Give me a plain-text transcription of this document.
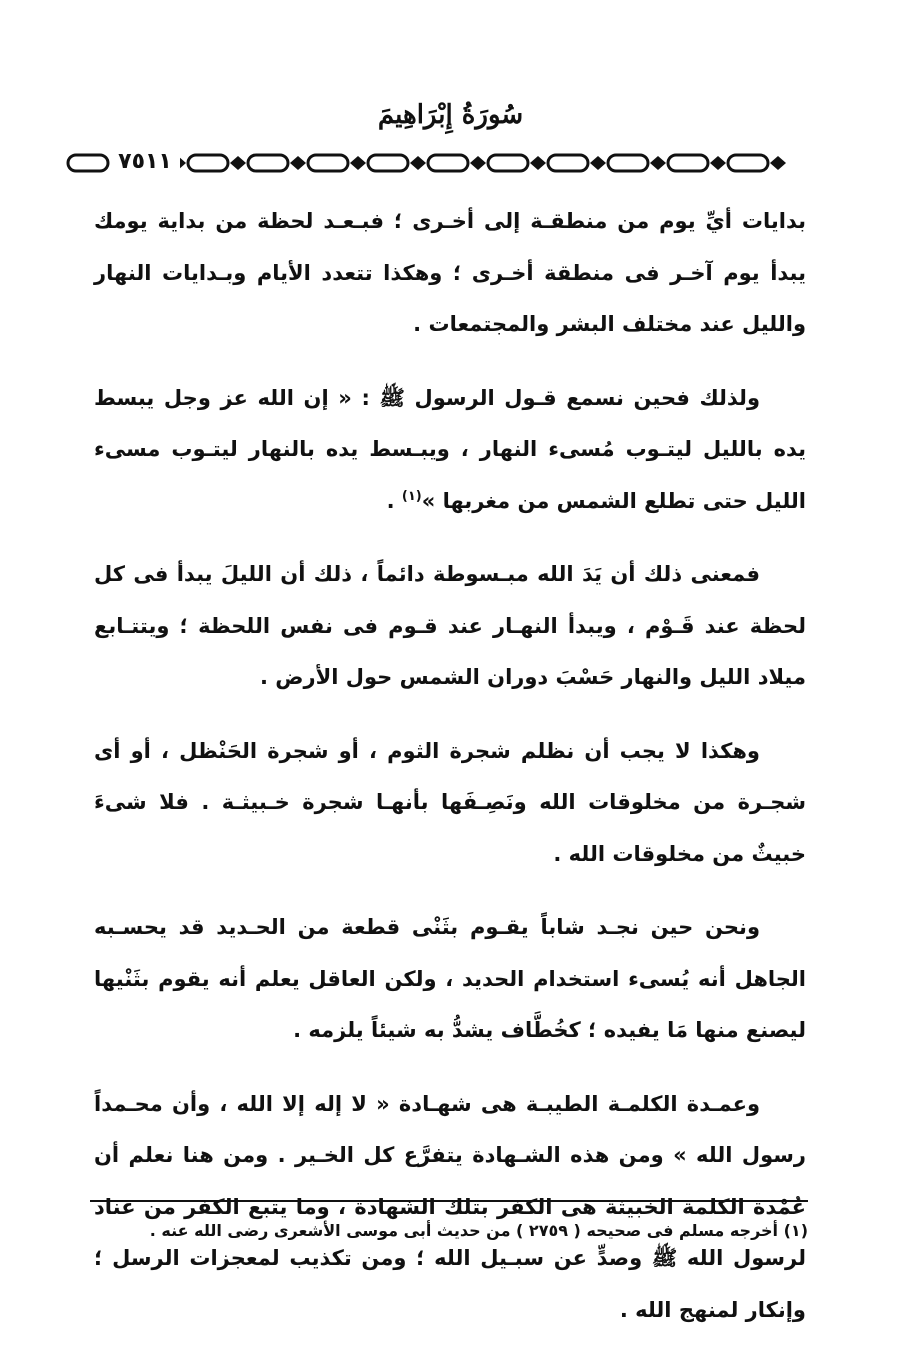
سُورَةُ إِبْرَاهِيمَ
٧٥١١

بدايات أيِّ يوم من منطقـة إلى أخـرى ؛ فبـعـد لحظة من بداية يومك يبدأ يوم آخـر فى منطقة أخـرى ؛ وهكذا تتعدد الأيام وبـدايات النهار والليل عند مختلف البشر والمجتمعات .

ولذلك فحين نسمع قـول الرسول ﷺ : « إن الله عز وجل يبسط يده بالليل ليتـوب مُسىء النهار ، ويبـسط يده بالنهار ليتـوب مسىء الليل حتى تطلع الشمس من مغربها »$^{(١)}$ .

فمعنى ذلك أن يَدَ الله مبـسوطة دائماً ، ذلك أن الليلَ يبدأ فى كل لحظة عند قَـوْم ، ويبدأ النهـار عند قـوم فى نفس اللحظة ؛ ويتتـابع ميلاد الليل والنهار حَسْبَ دوران الشمس حول الأرض .

وهكذا لا يجب أن نظلم شجرة الثوم ، أو شجرة الحَنْظل ، أو أى شجـرة من مخلوقات الله ونَصِـفَها بأنهـا شجرة خـبيثـة . فلا شىءَ خبيثٌ من مخلوقات الله .

ونحن حين نجـد شاباً يقـوم بثَنْى قطعة من الحـديد قد يحسـبه الجاهل أنه يُسىء استخدام الحديد ، ولكن العاقل يعلم أنه يقوم بثَنْيها ليصنع منها مَا يفيده ؛ كخُطَّاف يشدُّ به شيئاً يلزمه .

وعمـدة الكلمـة الطيبـة هى شهـادة « لا إله إلا الله ، وأن محـمداً رسول الله » ومن هذه الشـهادة يتفرَّع كل الخـير . ومن هنا نعلم أن عُمْدة الكلمة الخبيثة هى الكفر بتلك الشهادة ، وما يتبع الكفر من عناد لرسول الله ﷺ وصدٍّ عن سبـيل الله ؛ ومن تكذيب لمعجزات الرسل ؛ وإنكار لمنهج الله .

(١) أخرجه مسلم فى صحيحه ( ٢٧٥٩ ) من حديث أبى موسى الأشعرى رضى الله عنه .
